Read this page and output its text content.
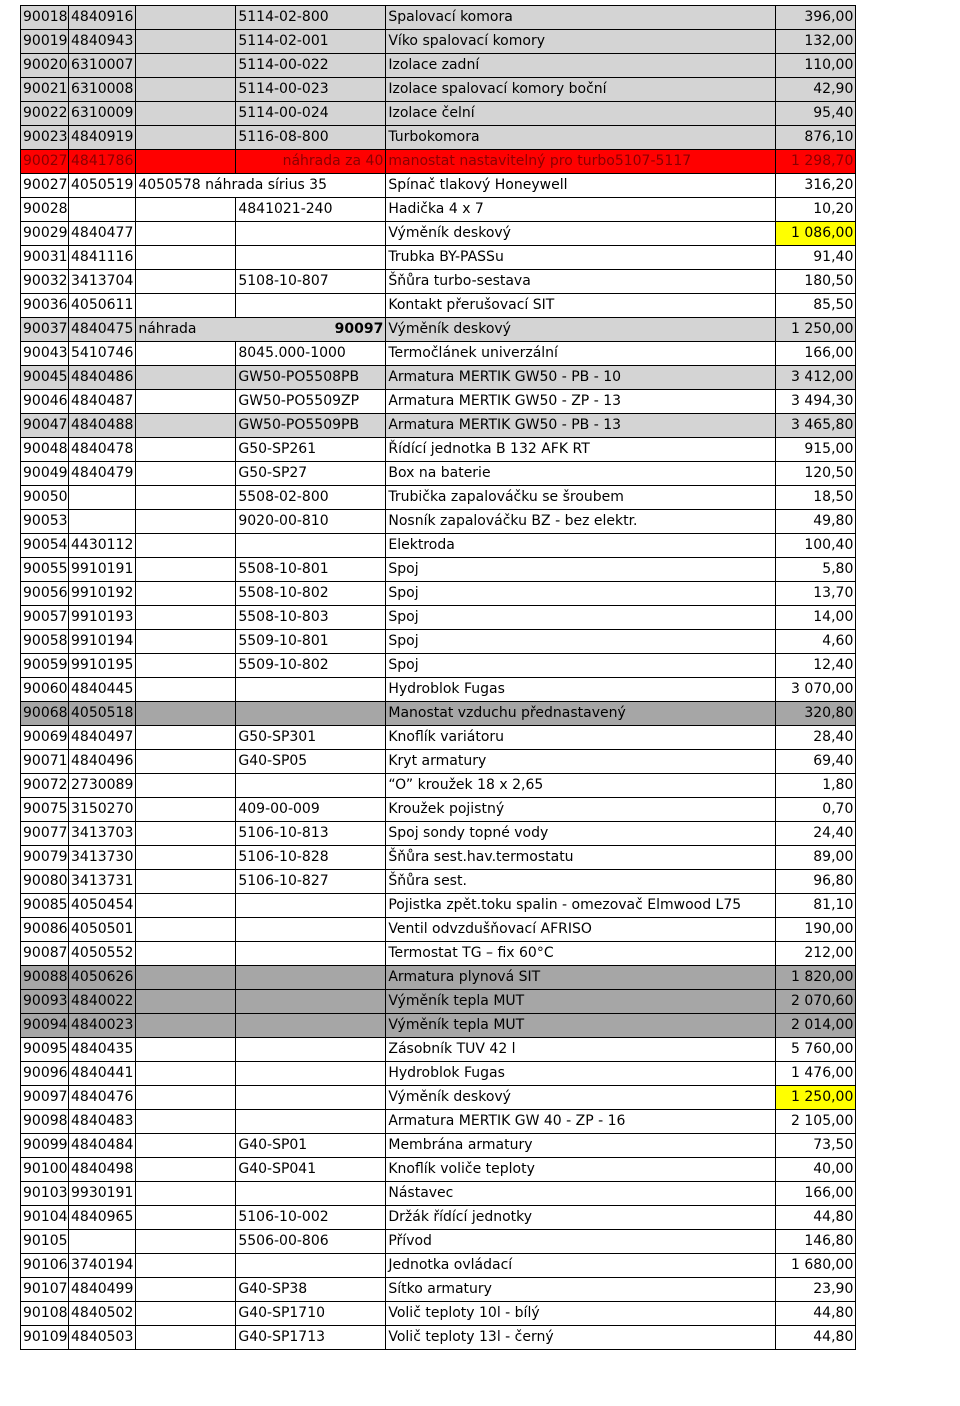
90018	4840916		5114-02-800	Spalovací komora	396,00
90019	4840943		5114-02-001	Víko spalovací komory	132,00
90020	6310007		5114-00-022	Izolace zadní	110,00
90021	6310008		5114-00-023	Izolace spalovací komory boční	42,90
90022	6310009		5114-00-024	Izolace čelní	95,40
90023	4840919		5116-08-800	Turbokomora	876,10
90027	4841786		náhrada za 40	manostat nastavitelný pro turbo5107-5117	1 298,70
90027	4050519	4050578 náhrada sírius 35		Spínač tlakový Honeywell	316,20
90028			4841021-240	Hadička 4 x 7	10,20
90029	4840477			Výměník deskový	1 086,00
90031	4841116			Trubka BY-PASSu	91,40
90032	3413704		5108-10-807	Šňůra turbo-sestava	180,50
90036	4050611			Kontakt přerušovací SIT	85,50
90037	4840475	náhrada	90097	Výměník deskový	1 250,00
90043	5410746		8045.000-1000	Termočlánek univerzální	166,00
90045	4840486		GW50-PO5508PB	Armatura MERTIK GW50 - PB - 10	3 412,00
90046	4840487		GW50-PO5509ZP	Armatura MERTIK GW50 - ZP - 13	3 494,30
90047	4840488		GW50-PO5509PB	Armatura MERTIK GW50 - PB - 13	3 465,80
90048	4840478		G50-SP261	Řídící jednotka B 132 AFK RT	915,00
90049	4840479		G50-SP27	Box na baterie	120,50
90050			5508-02-800	Trubička zapalováčku se šroubem	18,50
90053			9020-00-810	Nosník zapalováčku BZ - bez elektr.	49,80
90054	4430112			Elektroda	100,40
90055	9910191		5508-10-801	Spoj	5,80
90056	9910192		5508-10-802	Spoj	13,70
90057	9910193		5508-10-803	Spoj	14,00
90058	9910194		5509-10-801	Spoj	4,60
90059	9910195		5509-10-802	Spoj	12,40
90060	4840445			Hydroblok Fugas	3 070,00
90068	4050518			Manostat vzduchu přednastavený	320,80
90069	4840497		G50-SP301	Knoflík variátoru	28,40
90071	4840496		G40-SP05	Kryt armatury	69,40
90072	2730089			“O” kroužek 18 x 2,65	1,80
90075	3150270		409-00-009	Kroužek pojistný	0,70
90077	3413703		5106-10-813	Spoj sondy topné vody	24,40
90079	3413730		5106-10-828	Šňůra sest.hav.termostatu	89,00
90080	3413731		5106-10-827	Šňůra sest.	96,80
90085	4050454			Pojistka zpět.toku spalin - omezovač Elmwood L75	81,10
90086	4050501			Ventil odvzdušňovací AFRISO	190,00
90087	4050552			Termostat TG – fix 60°C	212,00
90088	4050626			Armatura plynová SIT	1 820,00
90093	4840022			Výměník tepla MUT	2 070,60
90094	4840023			Výměník tepla MUT	2 014,00
90095	4840435			Zásobník TUV 42 l	5 760,00
90096	4840441			Hydroblok Fugas	1 476,00
90097	4840476			Výměník deskový	1 250,00
90098	4840483			Armatura MERTIK GW 40 - ZP - 16	2 105,00
90099	4840484		G40-SP01	Membrána armatury	73,50
90100	4840498		G40-SP041	Knoflík voliče teploty	40,00
90103	9930191			Nástavec	166,00
90104	4840965		5106-10-002	Držák řídící jednotky	44,80
90105			5506-00-806	Přívod	146,80
90106	3740194			Jednotka ovládací	1 680,00
90107	4840499		G40-SP38	Sítko armatury	23,90
90108	4840502		G40-SP1710	Volič teploty 10l - bílý	44,80
90109	4840503		G40-SP1713	Volič teploty 13l - černý	44,80
